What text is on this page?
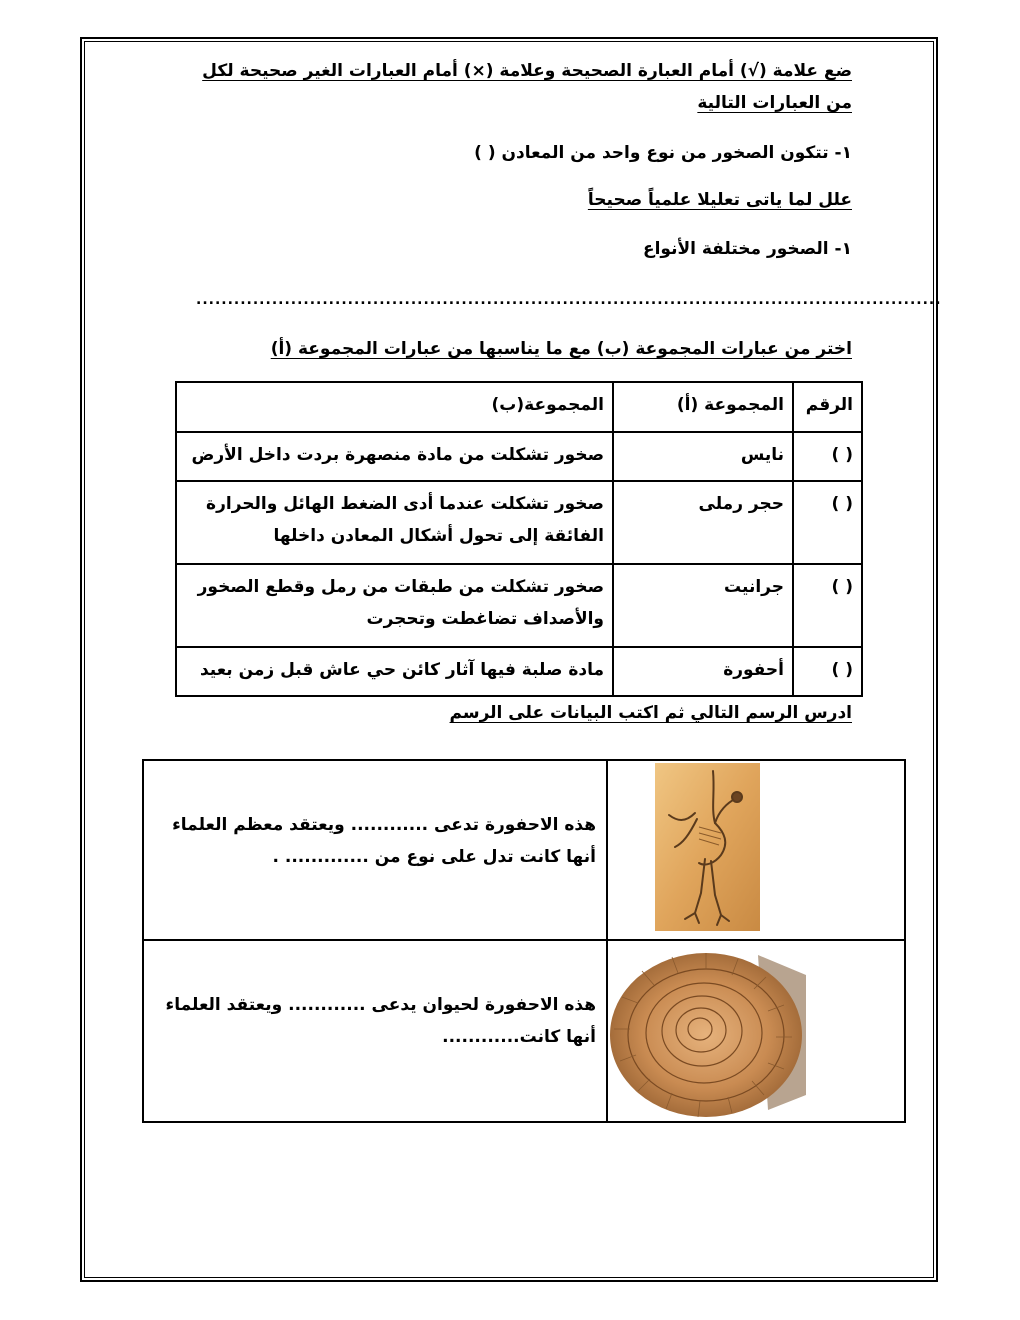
ضع علامة (√) أمام العبارة الصحيحة وعلامة (×) أمام العبارات الغير صحيحة لكل
من العبارات التالية
١- تتكون الصخور من نوع واحد من المعادن ( )
علل لما ياتى تعليلا علمياً صحيحاً
١- الصخور مختلفة الأنواع
......................................................................................................................
اختر من عبارات المجموعة (ب) مع ما يناسبها من عبارات المجموعة (أ)
الرقم	المجموعة (أ)	المجموعة(ب)
( )	نايس	صخور تشكلت من مادة منصهرة بردت داخل الأرض
( )	حجر رملى	صخور تشكلت عندما أدى الضغط الهائل والحرارة الفائقة إلى تحول أشكال المعادن داخلها
( )	جرانيت	صخور تشكلت من طبقات من رمل وقطع الصخور والأصداف تضاغطت وتحجرت
( )	أحفورة	مادة صلبة فيها آثار كائن حي عاش قبل زمن بعيد
ادرس الرسم التالي ثم اكتب البيانات على الرسم
	هذه الاحفورة تدعى ............ ويعتقد معظم العلماء أنها كانت تدل على نوع من ............. .

	هذه الاحفورة لحيوان يدعى ............ ويعتقد العلماء أنها كانت............
